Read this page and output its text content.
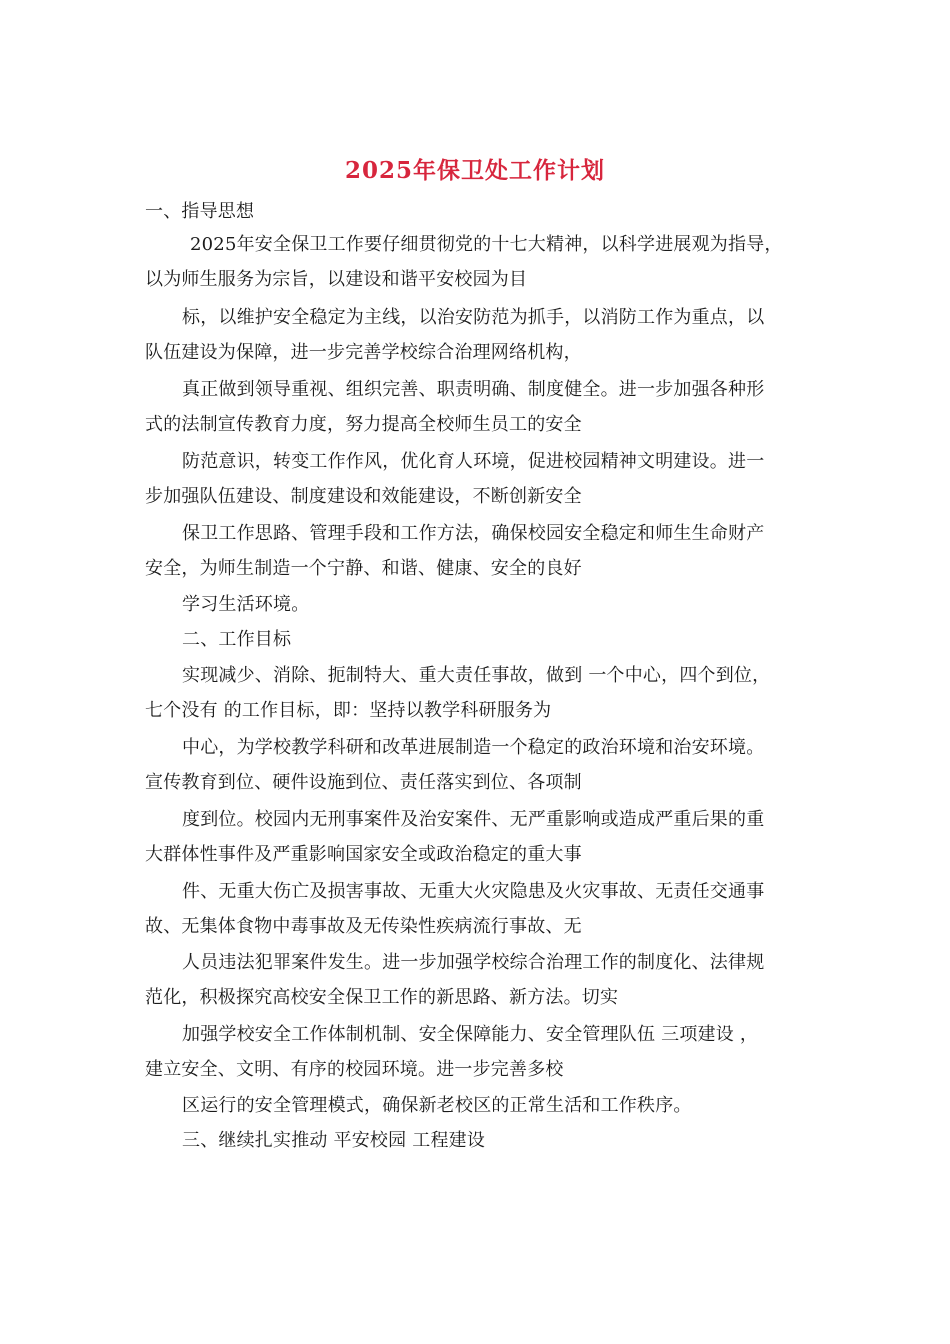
2025年保卫处工作计划
一、指导思想
2025年安全保卫工作要仔细贯彻党的十七大精神，以科学进展观为指导，
以为师生服务为宗旨，以建设和谐平安校园为目
标，以维护安全稳定为主线，以治安防范为抓手，以消防工作为重点，以
队伍建设为保障，进一步完善学校综合治理网络机构，
真正做到领导重视、组织完善、职责明确、制度健全。进一步加强各种形
式的法制宣传教育力度，努力提高全校师生员工的安全
防范意识，转变工作作风，优化育人环境，促进校园精神文明建设。进一
步加强队伍建设、制度建设和效能建设，不断创新安全
保卫工作思路、管理手段和工作方法，确保校园安全稳定和师生生命财产
安全，为师生制造一个宁静、和谐、健康、安全的良好
学习生活环境。
二、工作目标
实现减少、消除、扼制特大、重大责任事故，做到 一个中心，四个到位，
七个没有 的工作目标，即：坚持以教学科研服务为
中心，为学校教学科研和改革进展制造一个稳定的政治环境和治安环境。
宣传教育到位、硬件设施到位、责任落实到位、各项制
度到位。校园内无刑事案件及治安案件、无严重影响或造成严重后果的重
大群体性事件及严重影响国家安全或政治稳定的重大事
件、无重大伤亡及损害事故、无重大火灾隐患及火灾事故、无责任交通事
故、无集体食物中毒事故及无传染性疾病流行事故、无
人员违法犯罪案件发生。进一步加强学校综合治理工作的制度化、法律规
范化，积极探究高校安全保卫工作的新思路、新方法。切实
加强学校安全工作体制机制、安全保障能力、安全管理队伍 三项建设 ，
建立安全、文明、有序的校园环境。进一步完善多校
区运行的安全管理模式，确保新老校区的正常生活和工作秩序。
三、继续扎实推动 平安校园 工程建设
